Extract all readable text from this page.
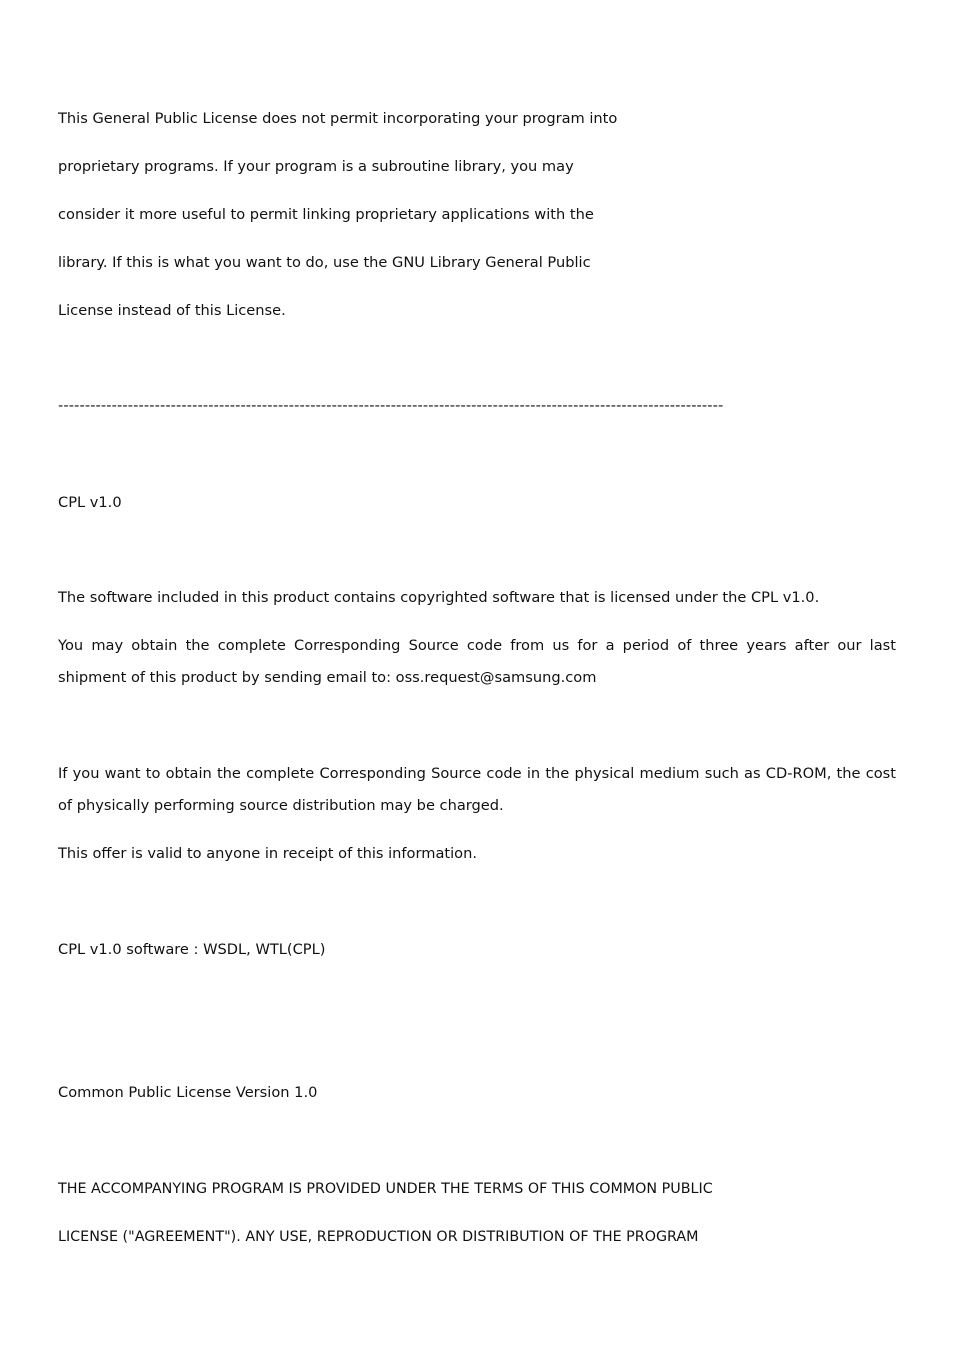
This General Public License does not permit incorporating your program into
proprietary programs. If your program is a subroutine library, you may
consider it more useful to permit linking proprietary applications with the
library. If this is what you want to do, use the GNU Library General Public
License instead of this License.
----------------------------------------------------------------------------------------------------------------------------
CPL v1.0
The software included in this product contains copyrighted software that is licensed under the CPL v1.0.
You may obtain the complete Corresponding Source code from us for a period of three years after our last shipment of this product by sending email to: oss.request@samsung.com
If you want to obtain the complete Corresponding Source code in the physical medium such as CD-ROM, the cost of physically performing source distribution may be charged.
This offer is valid to anyone in receipt of this information.
CPL v1.0 software : WSDL, WTL(CPL)
Common Public License Version 1.0
THE ACCOMPANYING PROGRAM IS PROVIDED UNDER THE TERMS OF THIS COMMON PUBLIC
LICENSE ("AGREEMENT"). ANY USE, REPRODUCTION OR DISTRIBUTION OF THE PROGRAM
